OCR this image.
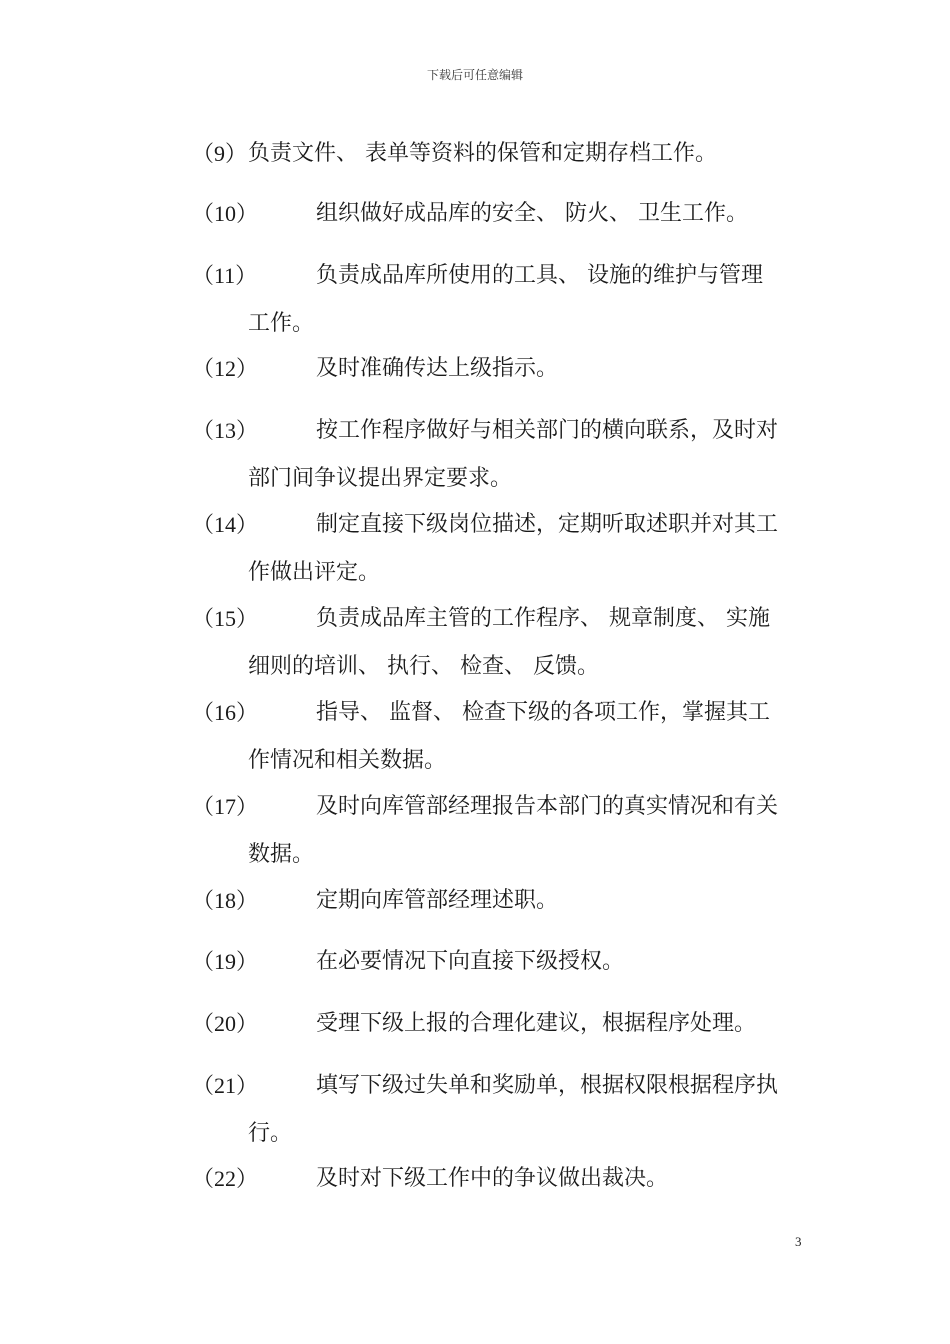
下载后可任意编辑
（9） 负责文件、 表单等资料的保管和定期存档工作。
（10）	组织做好成品库的安全、 防火、 卫生工作。
（11）	负责成品库所使用的工具、 设施的维护与管理
工作。
（12）	及时准确传达上级指示。
（13）	按工作程序做好与相关部门的横向联系，及时对
部门间争议提出界定要求。
（14）	制定直接下级岗位描述，定期听取述职并对其工
作做出评定。
（15）	负责成品库主管的工作程序、 规章制度、 实施
细则的培训、 执行、 检查、 反馈。
（16）	指导、 监督、 检查下级的各项工作，掌握其工
作情况和相关数据。
（17）	及时向库管部经理报告本部门的真实情况和有关
数据。
（18）	定期向库管部经理述职。
（19）	在必要情况下向直接下级授权。
（20）	受理下级上报的合理化建议，根据程序处理。
（21）	填写下级过失单和奖励单，根据权限根据程序执
行。
（22）	及时对下级工作中的争议做出裁决。
3
